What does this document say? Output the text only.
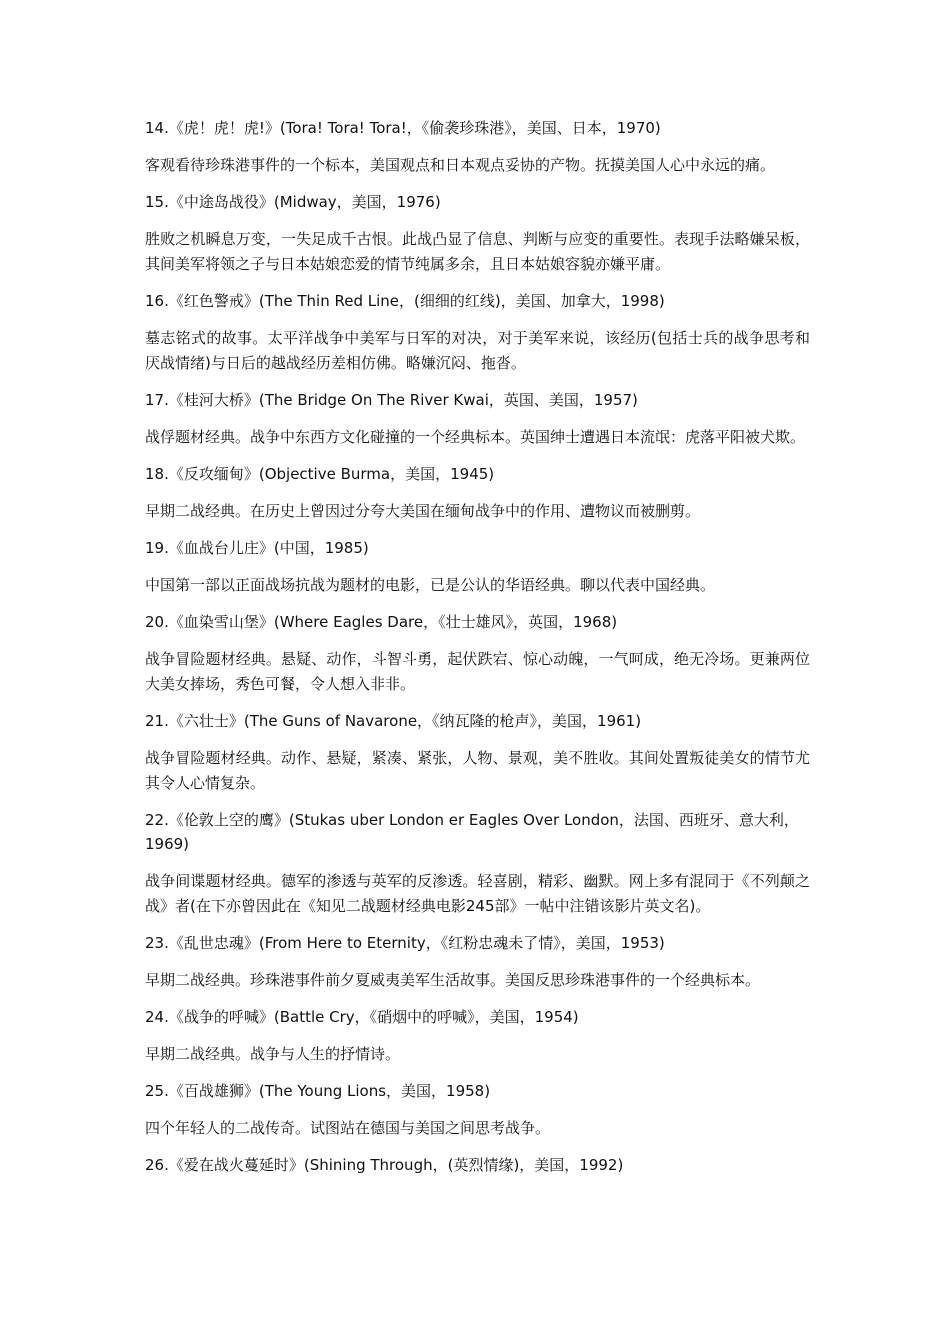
14.《虎！虎！虎!》(Tora! Tora! Tora!，《偷袭珍珠港》，美国、日本，1970)
客观看待珍珠港事件的一个标本，美国观点和日本观点妥协的产物。抚摸美国人心中永远的痛。
15.《中途岛战役》(Midway，美国，1976)
胜败之机瞬息万变，一失足成千古恨。此战凸显了信息、判断与应变的重要性。表现手法略嫌呆板，其间美军将领之子与日本姑娘恋爱的情节纯属多余，且日本姑娘容貌亦嫌平庸。
16.《红色警戒》(The Thin Red Line，(细细的红线)，美国、加拿大，1998)
墓志铭式的故事。太平洋战争中美军与日军的对决，对于美军来说，该经历(包括士兵的战争思考和厌战情绪)与日后的越战经历差相仿佛。略嫌沉闷、拖沓。
17.《桂河大桥》(The Bridge On The River Kwai，英国、美国，1957)
战俘题材经典。战争中东西方文化碰撞的一个经典标本。英国绅士遭遇日本流氓：虎落平阳被犬欺。
18.《反攻缅甸》(Objective Burma，美国，1945)
早期二战经典。在历史上曾因过分夸大美国在缅甸战争中的作用、遭物议而被删剪。
19.《血战台儿庄》(中国，1985)
中国第一部以正面战场抗战为题材的电影，已是公认的华语经典。聊以代表中国经典。
20.《血染雪山堡》(Where Eagles Dare，《壮士雄风》，英国，1968)
战争冒险题材经典。悬疑、动作，斗智斗勇，起伏跌宕、惊心动魄，一气呵成，绝无冷场。更兼两位大美女捧场，秀色可餐，令人想入非非。
21.《六壮士》(The Guns of Navarone，《纳瓦隆的枪声》，美国，1961)
战争冒险题材经典。动作、悬疑，紧凑、紧张，人物、景观，美不胜收。其间处置叛徒美女的情节尤其令人心情复杂。
22.《伦敦上空的鹰》(Stukas uber London er Eagles Over London，法国、西班牙、意大利，1969)
战争间谍题材经典。德军的渗透与英军的反渗透。轻喜剧，精彩、幽默。网上多有混同于《不列颠之战》者(在下亦曾因此在《知见二战题材经典电影245部》一帖中注错该影片英文名)。
23.《乱世忠魂》(From Here to Eternity，《红粉忠魂未了情》，美国，1953)
早期二战经典。珍珠港事件前夕夏威夷美军生活故事。美国反思珍珠港事件的一个经典标本。
24.《战争的呼喊》(Battle Cry，《硝烟中的呼喊》，美国，1954)
早期二战经典。战争与人生的抒情诗。
25.《百战雄狮》(The Young Lions，美国，1958)
四个年轻人的二战传奇。试图站在德国与美国之间思考战争。
26.《爱在战火蔓延时》(Shining Through，(英烈情缘)，美国，1992)
